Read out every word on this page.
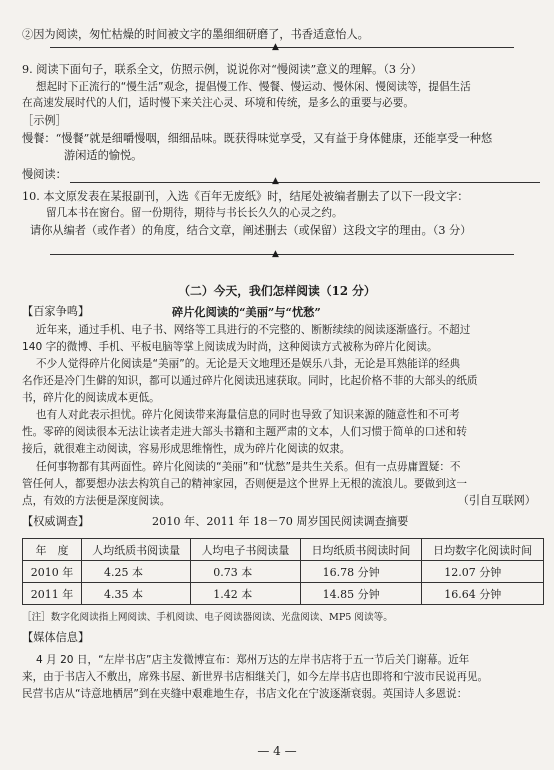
②因为阅读，匆忙枯燥的时间被文字的墨细细研磨了，书香适意怡人。
▲
9. 阅读下面句子，联系全文，仿照示例，说说你对“慢阅读”意义的理解。（3 分）
想起时下正流行的“慢生活”观念，提倡慢工作、慢餐、慢运动、慢休闲、慢阅读等，提倡生活
在高速发展时代的人们，适时慢下来关注心灵、环境和传统，是多么的重要与必要。
［示例］
慢餐：“慢餐”就是细嚼慢咽，细细品味。既获得味觉享受，又有益于身体健康，还能享受一种悠
游闲适的愉悦。
慢阅读：	▲
10. 本文原发表在某报副刊，入选《百年无废纸》时，结尾处被编者删去了以下一段文字：
留几本书在窗台。留一份期待，期待与书长长久久的心灵之约。
请你从编者（或作者）的角度，结合文章，阐述删去（或保留）这段文字的理由。（3 分）
▲
（二）今天，我们怎样阅读（12 分）
【百家争鸣】	碎片化阅读的“美丽”与“忧愁”
近年来，通过手机、电子书、网络等工具进行的不完整的、断断续续的阅读逐渐盛行。不超过
140 字的微博、手机、平板电脑等掌上阅读成为时尚，这种阅读方式被称为碎片化阅读。
不少人觉得碎片化阅读是“美丽”的。无论是天文地理还是娱乐八卦，无论是耳熟能详的经典
名作还是冷门生僻的知识，都可以通过碎片化阅读迅速获取。同时，比起价格不菲的大部头的纸质
书，碎片化的阅读成本更低。
也有人对此表示担忧。碎片化阅读带来海量信息的同时也导致了知识来源的随意性和不可考
性。零碎的阅读很本无法让读者走进大部头书籍和主题严肃的文本，人们习惯于简单的口述和转
接后，就很难主动阅读，容易形成思维惰性，成为碎片化阅读的奴隶。
任何事物都有其两面性。碎片化阅读的“美丽”和“忧愁”是共生关系。但有一点毋庸置疑：不
管任何人，都要想办法去构筑自己的精神家园，否则便是这个世界上无根的流浪儿。要做到这一
点，有效的方法便是深度阅读。	（引自互联网）
【权威调查】	2010 年、2011 年 18－70 周岁国民阅读调查摘要
年　度	人均纸质书阅读量	人均电子书阅读量	日均纸质书阅读时间	日均数字化阅读时间
2010 年	4.25 本	0.73 本	16.78 分钟	12.07 分钟
2011 年	4.35 本	1.42 本	14.85 分钟	16.64 分钟
［注］数字化阅读指上网阅读、手机阅读、电子阅读器阅读、光盘阅读、MP5 阅读等。
【媒体信息】
4 月 20 日，“左岸书店”店主发微博宣布：郑州万达的左岸书店将于五一节后关门谢幕。近年
来，由于书店入不敷出，席殊书屋、新世界书店相继关门，如今左岸书店也即将和宁波市民说再见。
民营书店从“诗意地栖居”到在夹缝中艰难地生存，书店文化在宁波逐渐衰弱。英国诗人多恩说：
— 4 —
